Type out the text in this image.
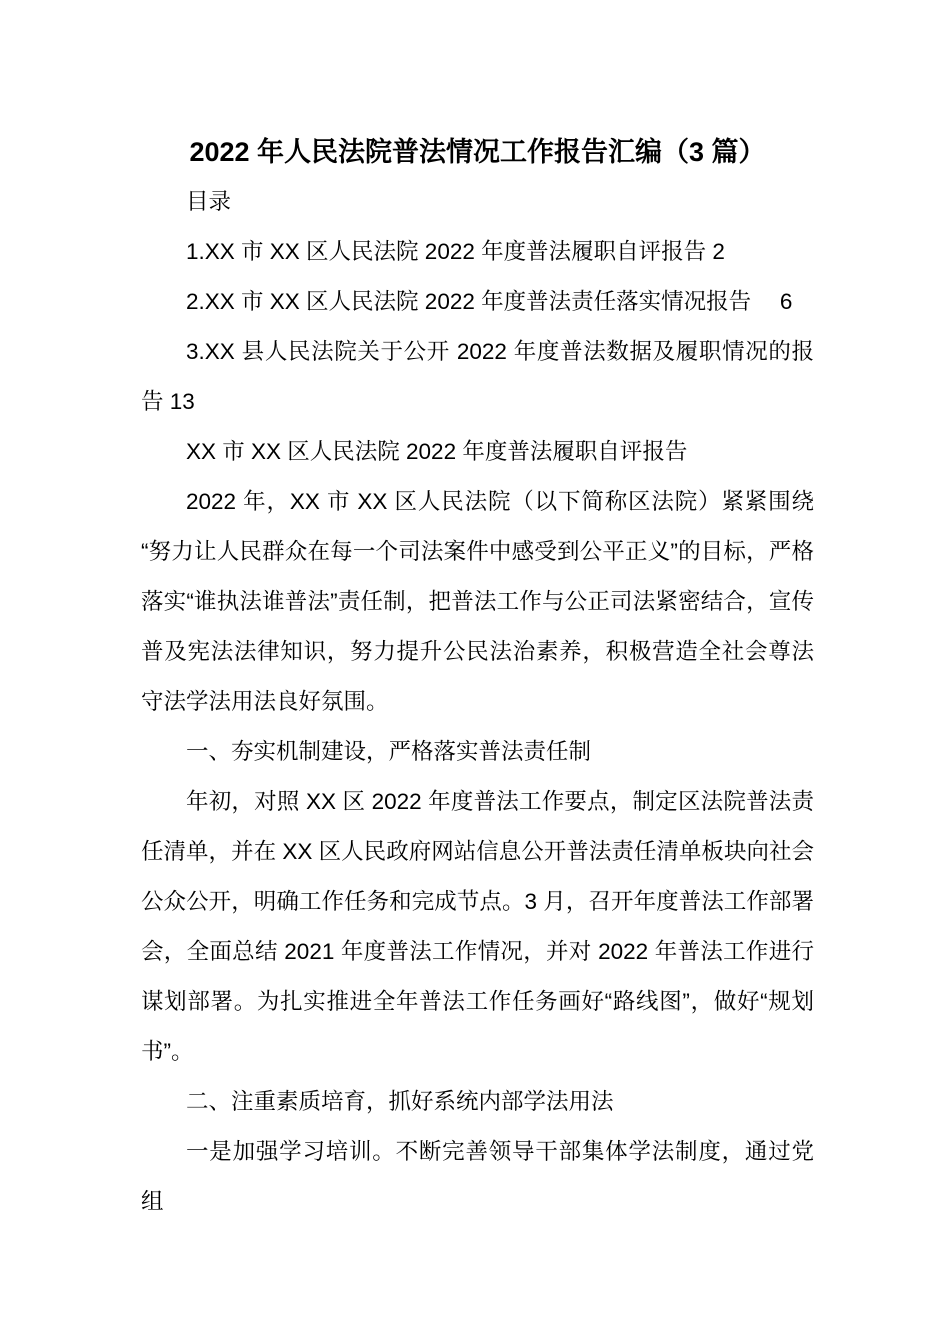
2022 年人民法院普法情况工作报告汇编（3 篇）

目录

1.XX 市 XX 区人民法院 2022 年度普法履职自评报告 2

2.XX 市 XX 区人民法院 2022 年度普法责任落实情况报告　 6

3.XX 县人民法院关于公开 2022 年度普法数据及履职情况的报告 13

XX 市 XX 区人民法院 2022 年度普法履职自评报告

2022 年，XX 市 XX 区人民法院（以下简称区法院）紧紧围绕“努力让人民群众在每一个司法案件中感受到公平正义”的目标，严格落实“谁执法谁普法”责任制，把普法工作与公正司法紧密结合，宣传普及宪法法律知识，努力提升公民法治素养，积极营造全社会尊法守法学法用法良好氛围。

一、夯实机制建设，严格落实普法责任制

年初，对照 XX 区 2022 年度普法工作要点，制定区法院普法责任清单，并在 XX 区人民政府网站信息公开普法责任清单板块向社会公众公开，明确工作任务和完成节点。3 月，召开年度普法工作部署会，全面总结 2021 年度普法工作情况，并对 2022 年普法工作进行谋划部署。为扎实推进全年普法工作任务画好“路线图”，做好“规划书”。

二、注重素质培育，抓好系统内部学法用法

一是加强学习培训。不断完善领导干部集体学法制度，通过党组
